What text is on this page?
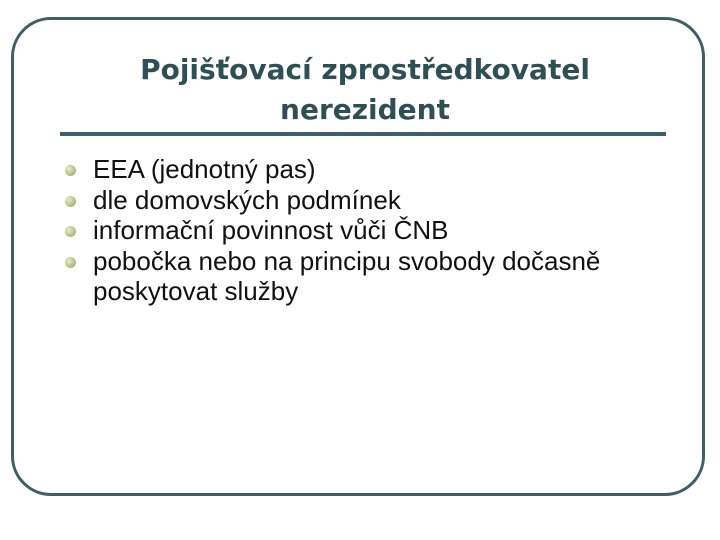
Pojišťovací zprostředkovatel
nerezident
EEA (jednotný pas)
dle domovských podmínek
informační povinnost vůči ČNB
pobočka nebo na principu svobody dočasně poskytovat služby
